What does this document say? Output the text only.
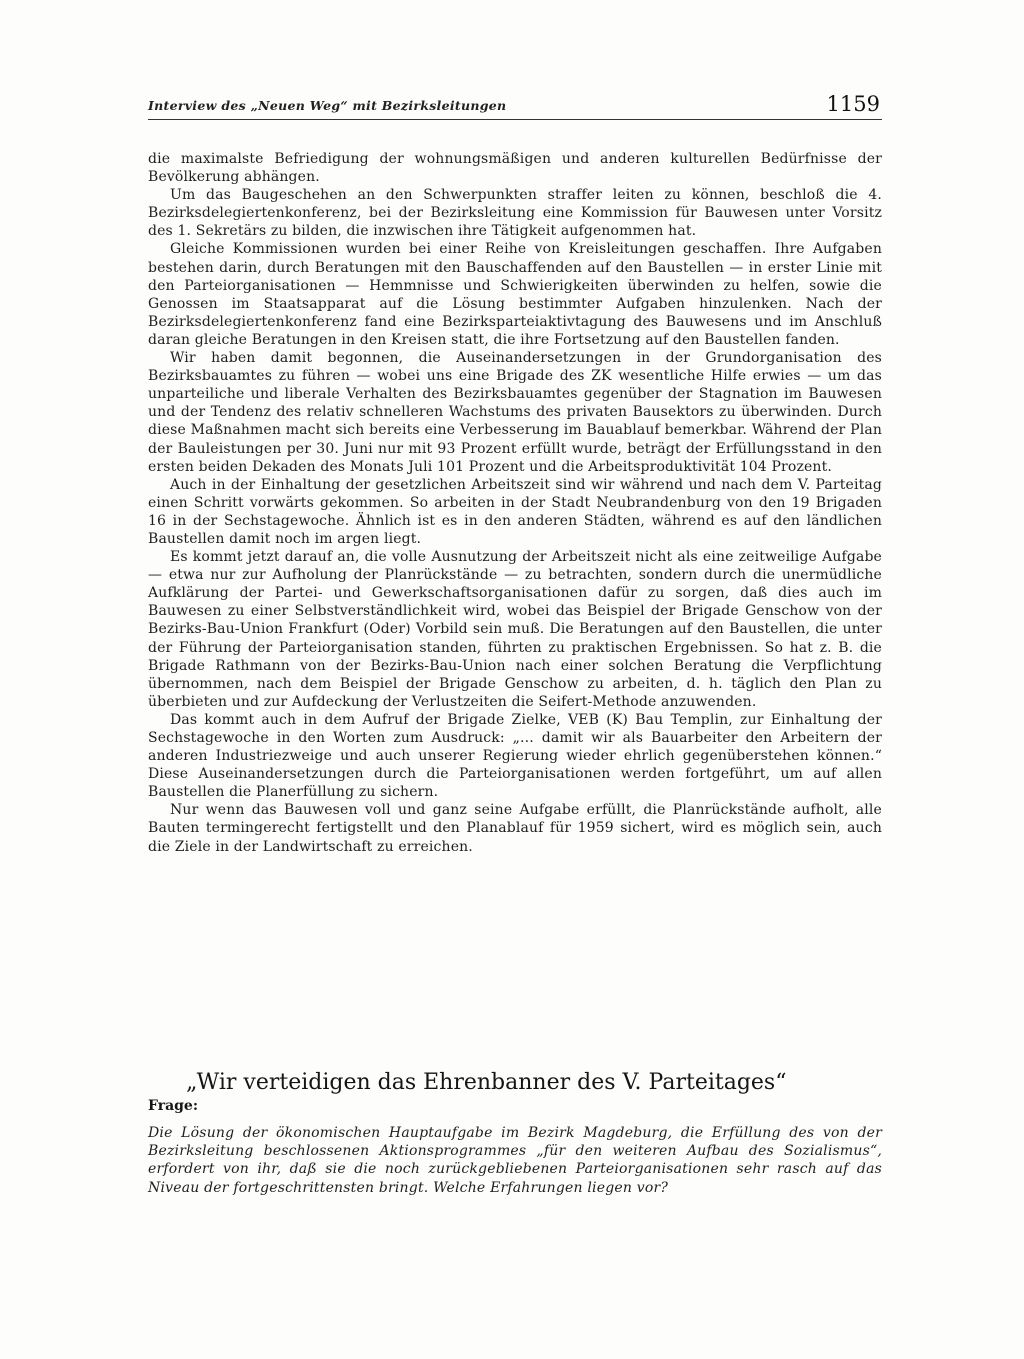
Interview des „Neuen Weg“ mit Bezirksleitungen	1159

die maximalste Befriedigung der wohnungsmäßigen und anderen kulturellen Bedürfnisse der Bevölkerung abhängen.

Um das Baugeschehen an den Schwerpunkten straffer leiten zu können, beschloß die 4. Bezirksdelegiertenkonferenz, bei der Bezirksleitung eine Kommission für Bauwesen unter Vorsitz des 1. Sekretärs zu bilden, die inzwischen ihre Tätigkeit aufgenommen hat.

Gleiche Kommissionen wurden bei einer Reihe von Kreisleitungen geschaffen. Ihre Aufgaben bestehen darin, durch Beratungen mit den Bauschaffenden auf den Baustellen — in erster Linie mit den Parteiorganisationen — Hemmnisse und Schwierigkeiten überwinden zu helfen, sowie die Genossen im Staatsapparat auf die Lösung bestimmter Aufgaben hinzulenken. Nach der Bezirksdelegiertenkonferenz fand eine Bezirksparteiaktivtagung des Bauwesens und im Anschluß daran gleiche Beratungen in den Kreisen statt, die ihre Fortsetzung auf den Baustellen fanden.

Wir haben damit begonnen, die Auseinandersetzungen in der Grundorganisation des Bezirksbauamtes zu führen — wobei uns eine Brigade des ZK wesentliche Hilfe erwies — um das unparteiliche und liberale Verhalten des Bezirksbauamtes gegenüber der Stagnation im Bauwesen und der Tendenz des relativ schnelleren Wachstums des privaten Bausektors zu überwinden. Durch diese Maßnahmen macht sich bereits eine Verbesserung im Bauablauf bemerkbar. Während der Plan der Bauleistungen per 30. Juni nur mit 93 Prozent erfüllt wurde, beträgt der Erfüllungsstand in den ersten beiden Dekaden des Monats Juli 101 Prozent und die Arbeitsproduktivität 104 Prozent.

Auch in der Einhaltung der gesetzlichen Arbeitszeit sind wir während und nach dem V. Parteitag einen Schritt vorwärts gekommen. So arbeiten in der Stadt Neubrandenburg von den 19 Brigaden 16 in der Sechstagewoche. Ähnlich ist es in den anderen Städten, während es auf den ländlichen Baustellen damit noch im argen liegt.

Es kommt jetzt darauf an, die volle Ausnutzung der Arbeitszeit nicht als eine zeitweilige Aufgabe — etwa nur zur Aufholung der Planrückstände — zu betrachten, sondern durch die unermüdliche Aufklärung der Partei- und Gewerkschaftsorganisationen dafür zu sorgen, daß dies auch im Bauwesen zu einer Selbstverständlichkeit wird, wobei das Beispiel der Brigade Genschow von der Bezirks-Bau-Union Frankfurt (Oder) Vorbild sein muß. Die Beratungen auf den Baustellen, die unter der Führung der Parteiorganisation standen, führten zu praktischen Ergebnissen. So hat z. B. die Brigade Rathmann von der Bezirks-Bau-Union nach einer solchen Beratung die Verpflichtung übernommen, nach dem Beispiel der Brigade Genschow zu arbeiten, d. h. täglich den Plan zu überbieten und zur Aufdeckung der Verlustzeiten die Seifert-Methode anzuwenden.

Das kommt auch in dem Aufruf der Brigade Zielke, VEB (K) Bau Templin, zur Einhaltung der Sechstagewoche in den Worten zum Ausdruck: „... damit wir als Bauarbeiter den Arbeitern der anderen Industriezweige und auch unserer Regierung wieder ehrlich gegenüberstehen können.“ Diese Auseinandersetzungen durch die Parteiorganisationen werden fortgeführt, um auf allen Baustellen die Planerfüllung zu sichern.

Nur wenn das Bauwesen voll und ganz seine Aufgabe erfüllt, die Planrückstände aufholt, alle Bauten termingerecht fertigstellt und den Planablauf für 1959 sichert, wird es möglich sein, auch die Ziele in der Landwirtschaft zu erreichen.

„Wir verteidigen das Ehrenbanner des V. Parteitages“
Frage:

Die Lösung der ökonomischen Hauptaufgabe im Bezirk Magdeburg, die Erfüllung des von der Bezirksleitung beschlossenen Aktionsprogrammes „für den weiteren Aufbau des Sozialismus“, erfordert von ihr, daß sie die noch zurückgebliebenen Parteiorganisationen sehr rasch auf das Niveau der fortgeschrittensten bringt. Welche Erfahrungen liegen vor?
